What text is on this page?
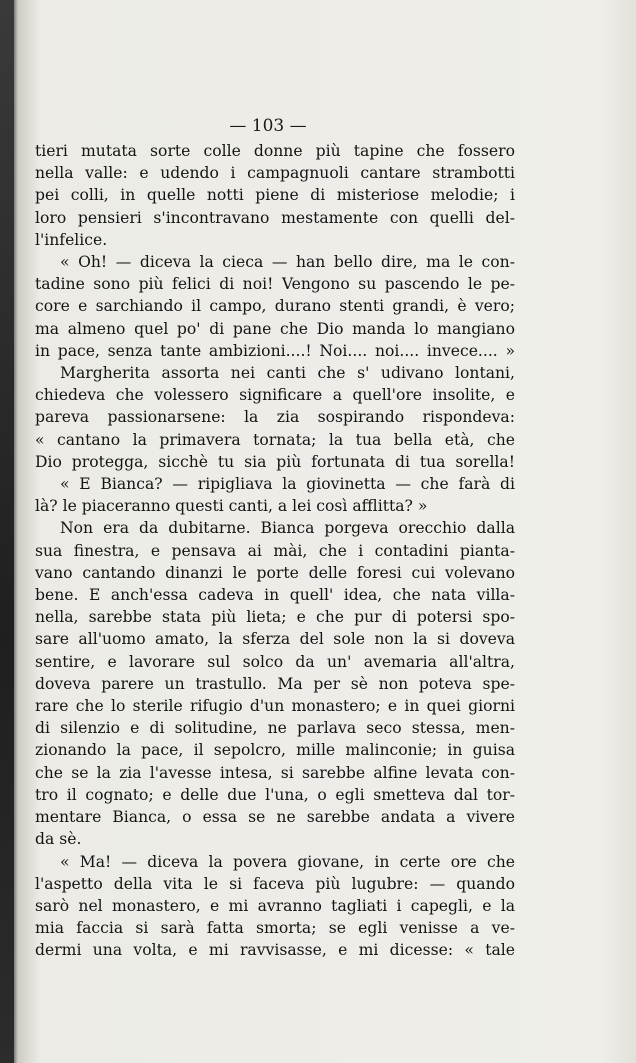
— 103 —
tieri mutata sorte colle donne più tapine che fossero
nella valle: e udendo i campagnuoli cantare strambotti
pei colli, in quelle notti piene di misteriose melodie; i
loro pensieri s'incontravano mestamente con quelli del-
l'infelice.
« Oh! — diceva la cieca — han bello dire, ma le con-
tadine sono più felici di noi! Vengono su pascendo le pe-
core e sarchiando il campo, durano stenti grandi, è vero;
ma almeno quel po' di pane che Dio manda lo mangiano
in pace, senza tante ambizioni....! Noi.... noi.... invece.... »
Margherita assorta nei canti che s' udivano lontani,
chiedeva che volessero significare a quell'ore insolite, e
pareva passionarsene: la zia sospirando rispondeva:
« cantano la primavera tornata; la tua bella età, che
Dio protegga, sicchè tu sia più fortunata di tua sorella!
« E Bianca? — ripigliava la giovinetta — che farà di
là? le piaceranno questi canti, a lei così afflitta? »
Non era da dubitarne. Bianca porgeva orecchio dalla
sua finestra, e pensava ai mài, che i contadini pianta-
vano cantando dinanzi le porte delle foresi cui volevano
bene. E anch'essa cadeva in quell' idea, che nata villa-
nella, sarebbe stata più lieta; e che pur di potersi spo-
sare all'uomo amato, la sferza del sole non la si doveva
sentire, e lavorare sul solco da un' avemaria all'altra,
doveva parere un trastullo. Ma per sè non poteva spe-
rare che lo sterile rifugio d'un monastero; e in quei giorni
di silenzio e di solitudine, ne parlava seco stessa, men-
zionando la pace, il sepolcro, mille malinconie; in guisa
che se la zia l'avesse intesa, si sarebbe alfine levata con-
tro il cognato; e delle due l'una, o egli smetteva dal tor-
mentare Bianca, o essa se ne sarebbe andata a vivere
da sè.
« Ma! — diceva la povera giovane, in certe ore che
l'aspetto della vita le si faceva più lugubre: — quando
sarò nel monastero, e mi avranno tagliati i capegli, e la
mia faccia si sarà fatta smorta; se egli venisse a ve-
dermi una volta, e mi ravvisasse, e mi dicesse: « tale
